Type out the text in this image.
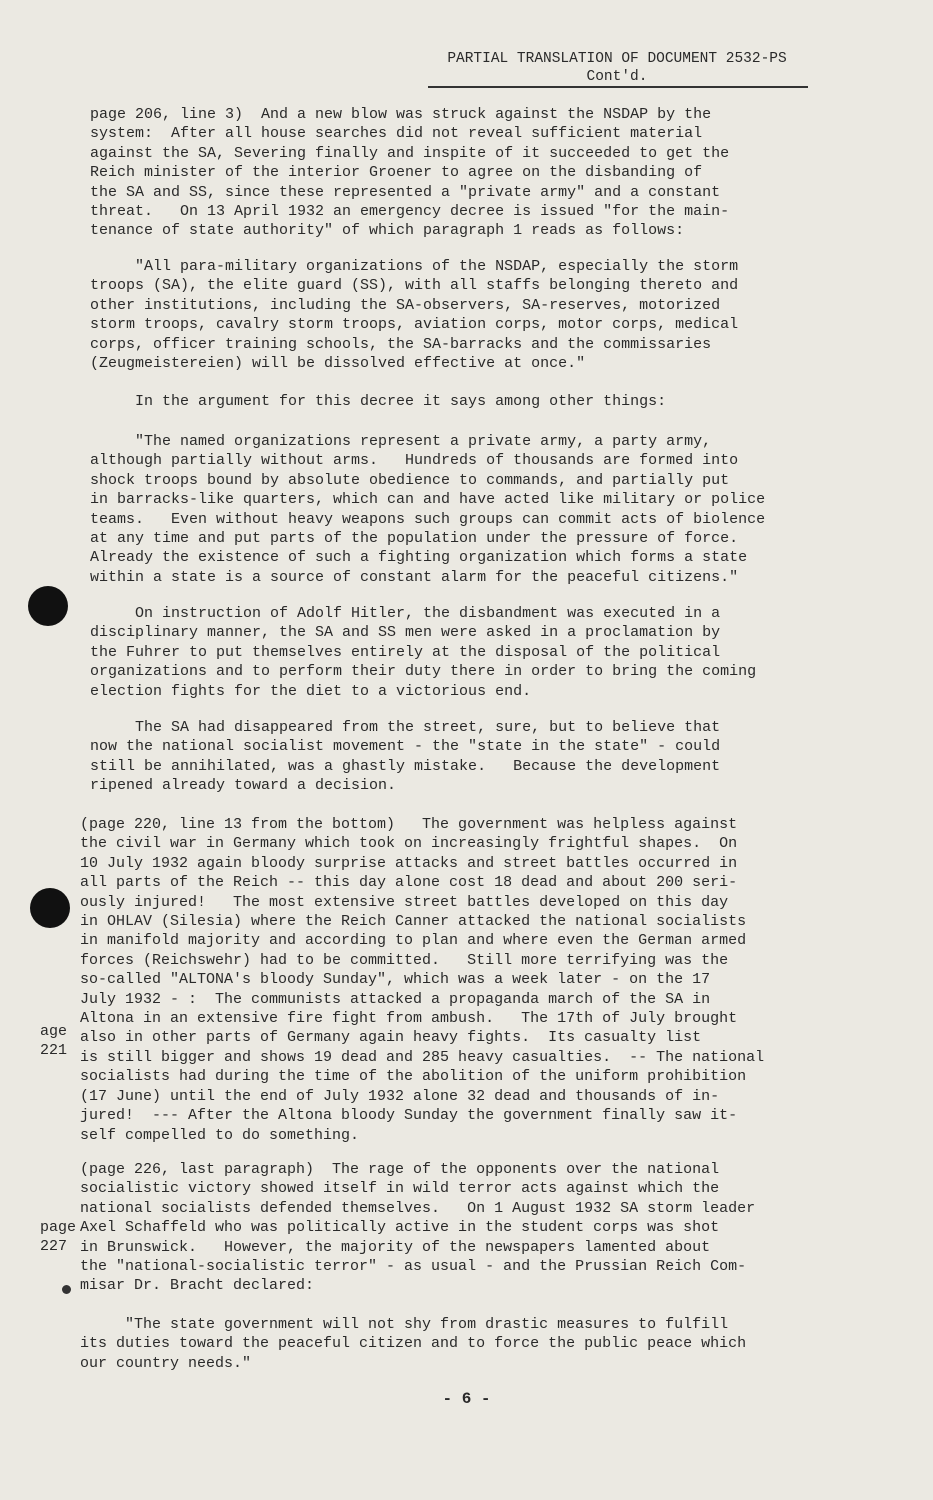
PARTIAL TRANSLATION OF DOCUMENT 2532-PS
Cont'd.
page 206, line 3)  And a new blow was struck against the NSDAP by the
system:  After all house searches did not reveal sufficient material
against the SA, Severing finally and inspite of it succeeded to get the
Reich minister of the interior Groener to agree on the disbanding of
the SA and SS, since these represented a "private army" and a constant
threat.   On 13 April 1932 an emergency decree is issued "for the main-
tenance of state authority" of which paragraph 1 reads as follows:
"All para-military organizations of the NSDAP, especially the storm
troops (SA), the elite guard (SS), with all staffs belonging thereto and
other institutions, including the SA-observers, SA-reserves, motorized
storm troops, cavalry storm troops, aviation corps, motor corps, medical
corps, officer training schools, the SA-barracks and the commissaries
(Zeugmeistereien) will be dissolved effective at once."
In the argument for this decree it says among other things:
"The named organizations represent a private army, a party army,
although partially without arms.   Hundreds of thousands are formed into
shock troops bound by absolute obedience to commands, and partially put
in barracks-like quarters, which can and have acted like military or police
teams.   Even without heavy weapons such groups can commit acts of biolence
at any time and put parts of the population under the pressure of force.
Already the existence of such a fighting organization which forms a state
within a state is a source of constant alarm for the peaceful citizens."
On instruction of Adolf Hitler, the disbandment was executed in a
disciplinary manner, the SA and SS men were asked in a proclamation by
the Fuhrer to put themselves entirely at the disposal of the political
organizations and to perform their duty there in order to bring the coming
election fights for the diet to a victorious end.
The SA had disappeared from the street, sure, but to believe that
now the national socialist movement - the "state in the state" - could
still be annihilated, was a ghastly mistake.   Because the development
ripened already toward a decision.
(page 220, line 13 from the bottom)   The government was helpless against
the civil war in Germany which took on increasingly frightful shapes.  On
10 July 1932 again bloody surprise attacks and street battles occurred in
all parts of the Reich -- this day alone cost 18 dead and about 200 seri-
ously injured!   The most extensive street battles developed on this day
in OHLAV (Silesia) where the Reich Canner attacked the national socialists
in manifold majority and according to plan and where even the German armed
forces (Reichswehr) had to be committed.   Still more terrifying was the
so-called "ALTONA's bloody Sunday", which was a week later - on the 17
July 1932 - :  The communists attacked a propaganda march of the SA in
Altona in an extensive fire fight from ambush.   The 17th of July brought
also in other parts of Germany again heavy fights.  Its casualty list
is still bigger and shows 19 dead and 285 heavy casualties.  -- The national
socialists had during the time of the abolition of the uniform prohibition
(17 June) until the end of July 1932 alone 32 dead and thousands of in-
jured!  --- After the Altona bloody Sunday the government finally saw it-
self compelled to do something.
(page 226, last paragraph)  The rage of the opponents over the national
socialistic victory showed itself in wild terror acts against which the
national socialists defended themselves.   On 1 August 1932 SA storm leader
Axel Schaffeld who was politically active in the student corps was shot
in Brunswick.   However, the majority of the newspapers lamented about
the "national-socialistic terror" - as usual - and the Prussian Reich Com-
misar Dr. Bracht declared:
"The state government will not shy from drastic measures to fulfill
its duties toward the peaceful citizen and to force the public peace which
our country needs."
age
221
page
227
- 6 -
